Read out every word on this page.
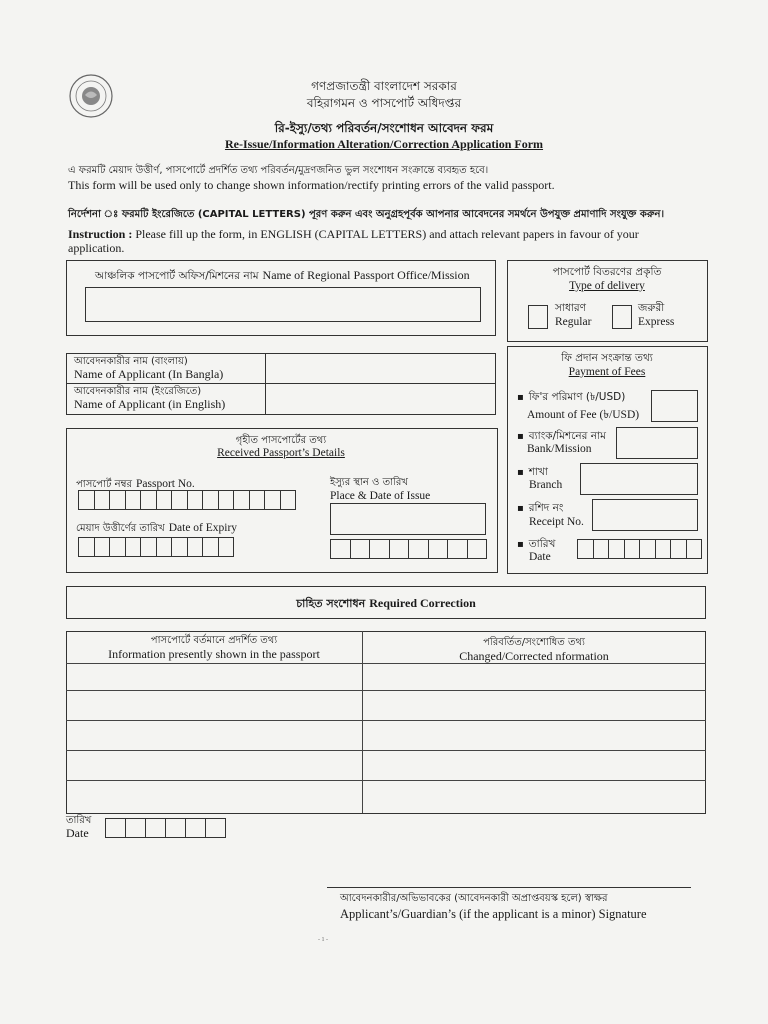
গণপ্রজাতন্ত্রী বাংলাদেশ সরকার
বহিরাগমন ও পাসপোর্ট অধিদপ্তর
রি-ইস্যু/তথ্য পরিবর্তন/সংশোধন আবেদন ফরম
Re-Issue/Information Alteration/Correction Application Form
এ ফরমটি মেয়াদ উত্তীর্ণ, পাসপোর্টে প্রদর্শিত তথ্য পরিবর্তন/মুদ্রণজনিত ভুল সংশোধন সংক্রান্তে ব্যবহৃত হবে।
This form will be used only to change shown information/rectify printing errors of the valid passport.
নির্দেশনা ঃ ফরমটি ইংরেজিতে (CAPITAL LETTERS) পূরণ করুন এবং অনুগ্রহপূর্বক আপনার আবেদনের সমর্থনে উপযুক্ত প্রমাণাদি সংযুক্ত করুন।
Instruction : Please fill up the form, in ENGLISH (CAPITAL LETTERS) and attach relevant papers in favour of your application.
আঞ্চলিক পাসপোর্ট অফিস/মিশনের নাম Name of Regional Passport Office/Mission	পাসপোর্ট বিতরণের প্রকৃতি
Type of delivery
সাধারণ
Regular
জরুরী
Express
আবেদনকারীর নাম (বাংলায়)
Name of Applicant (In Bangla)
আবেদনকারীর নাম (ইংরেজিতে)
Name of Applicant (in English)
ফি প্রদান সংক্রান্ত তথ্য
Payment of Fees
▪ ফি'র পরিমাণ (৳/USD)
Amount of Fee (৳/USD)
▪ ব্যাংক/মিশনের নাম
Bank/Mission
▪ শাখা
Branch
▪ রশিদ নং
Receipt No.
▪ তারিখ
Date
গৃহীত পাসপোর্টের তথ্য
Received Passport’s Details
পাসপোর্ট নম্বর Passport No.
মেয়াদ উত্তীর্ণের তারিখ Date of Expiry
ইস্যুর স্থান ও তারিখ
Place & Date of Issue
চাহিত সংশোধন Required Correction
পাসপোর্টে বর্তমানে প্রদর্শিত তথ্য
Information presently shown in the passport
পরিবর্তিত/সংশোধিত তথ্য
Changed/Corrected nformation
তারিখ
Date
আবেদনকারীর/অভিভাবকের (আবেদনকারী অপ্রাপ্তবয়স্ক হলে) স্বাক্ষর
Applicant’s/Guardian’s (if the applicant is a minor) Signature
- 1 -
